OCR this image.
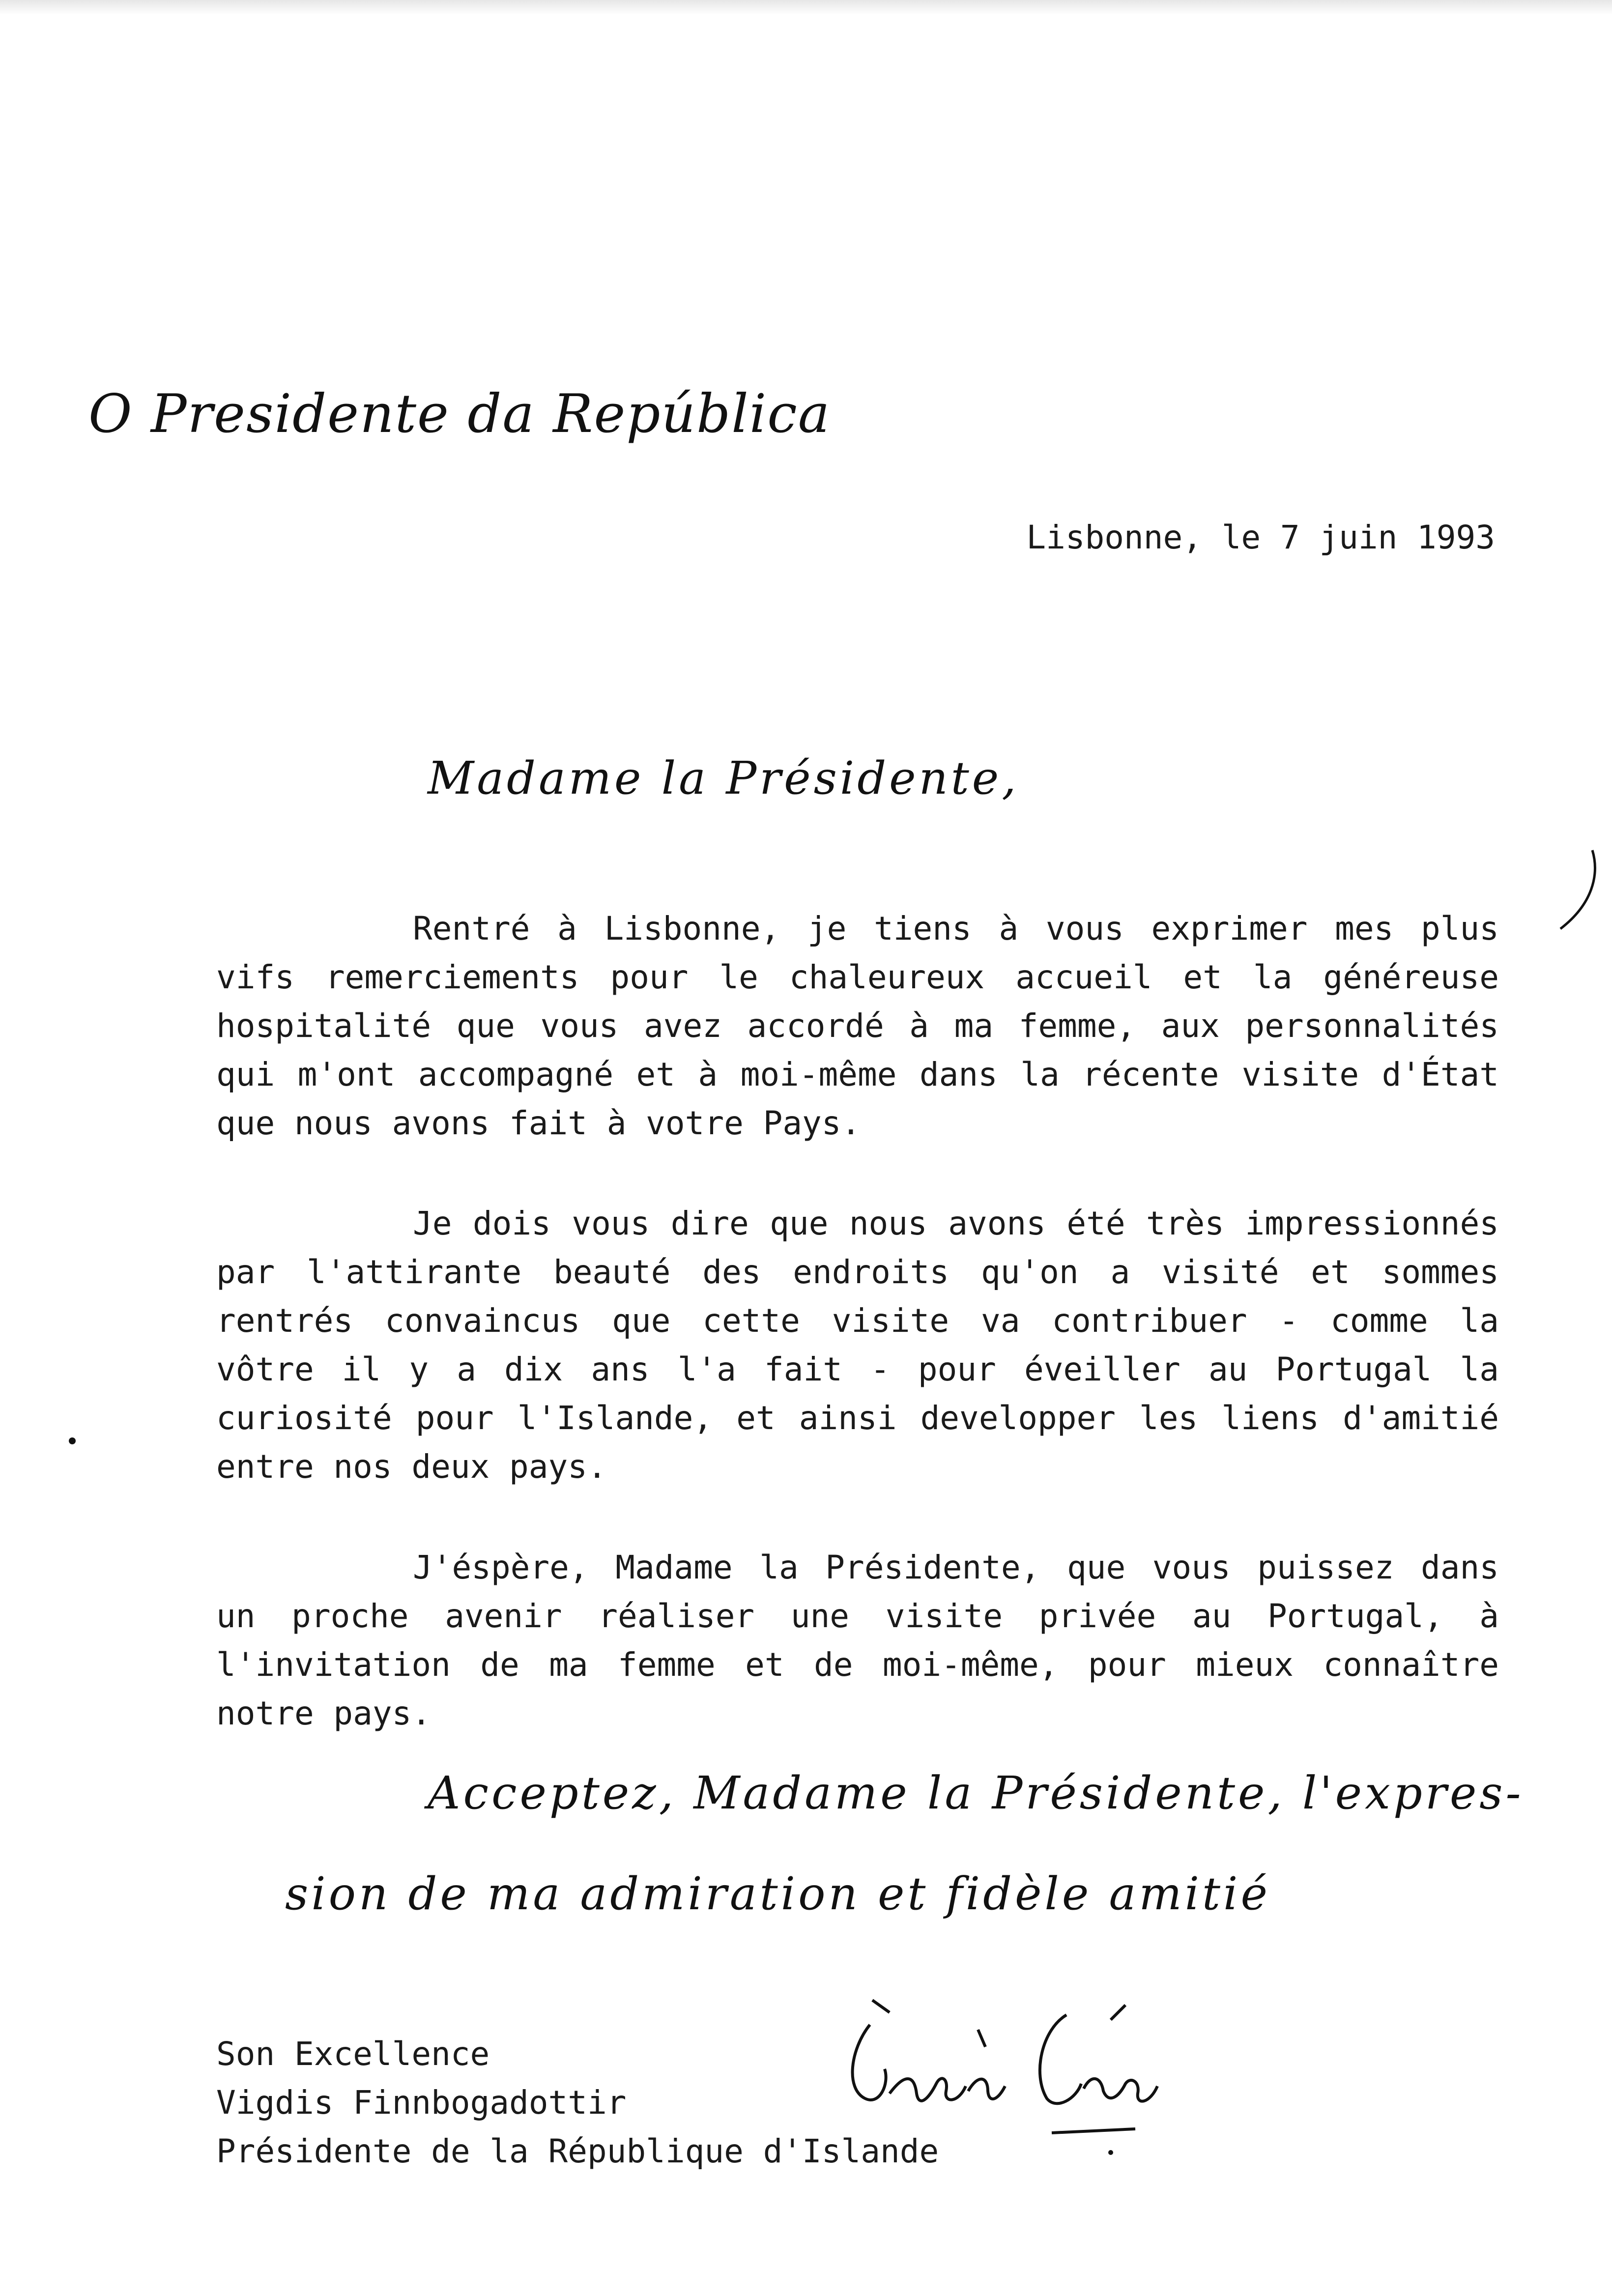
O Presidente da República
Lisbonne, le 7 juin 1993
Madame la Présidente,

Rentré à Lisbonne, je tiens à vous exprimer mes plus vifs remerciements pour le chaleureux accueil et la généreuse hospitalité que vous avez accordé à ma femme, aux personnalités qui m'ont accompagné et à moi-même dans la récente visite d'État que nous avons fait à votre Pays.

Je dois vous dire que nous avons été très impressionnés par l'attirante beauté des endroits qu'on a visité et sommes rentrés convaincus que cette visite va contribuer - comme la vôtre il y a dix ans l'a fait - pour éveiller au Portugal la curiosité pour l'Islande, et ainsi developper les liens d'amitié entre nos deux pays.

J'éspère, Madame la Présidente, que vous puissez dans un proche avenir réaliser une visite privée au Portugal, à l'invitation de ma femme et de moi-même, pour mieux connaître notre pays.

Acceptez, Madame la Présidente, l'expres-
sion de ma admiration et fidèle amitié
Son Excellence
Vigdis Finnbogadottir
Présidente de la République d'Islande
